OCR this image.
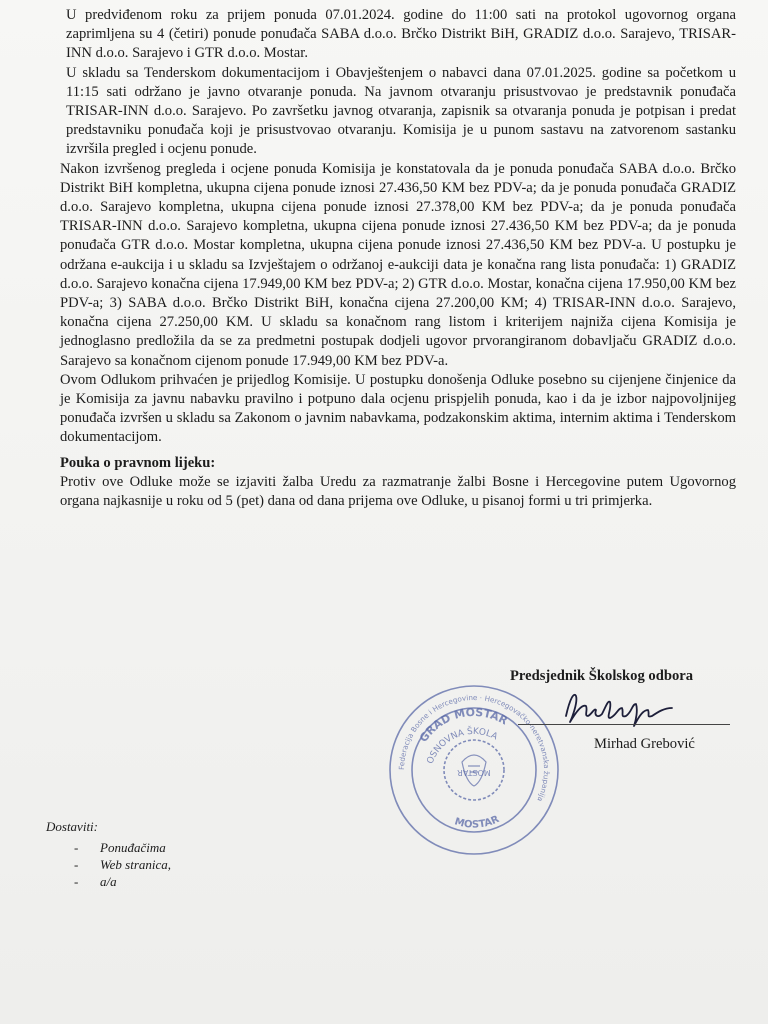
U predviđenom roku za prijem ponuda 07.01.2024. godine do 11:00 sati na protokol ugovornog organa zaprimljena su 4 (četiri) ponude ponuđača SABA d.o.o. Brčko Distrikt BiH, GRADIZ d.o.o. Sarajevo, TRISAR-INN d.o.o. Sarajevo i GTR d.o.o. Mostar.

U skladu sa Tenderskom dokumentacijom i Obavještenjem o nabavci dana 07.01.2025. godine sa početkom u 11:15 sati održano je javno otvaranje ponuda. Na javnom otvaranju prisustvovao je predstavnik ponuđača TRISAR-INN d.o.o. Sarajevo. Po završetku javnog otvaranja, zapisnik sa otvaranja ponuda je potpisan i predat predstavniku ponuđača koji je prisustvovao otvaranju. Komisija je u punom sastavu na zatvorenom sastanku izvršila pregled i ocjenu ponude.

Nakon izvršenog pregleda i ocjene ponuda Komisija je konstatovala da je ponuda ponuđača SABA d.o.o. Brčko Distrikt BiH kompletna, ukupna cijena ponude iznosi 27.436,50 KM bez PDV-a; da je ponuda ponuđača GRADIZ d.o.o. Sarajevo kompletna, ukupna cijena ponude iznosi 27.378,00 KM bez PDV-a; da je ponuda ponuđača TRISAR-INN d.o.o. Sarajevo kompletna, ukupna cijena ponude iznosi 27.436,50 KM bez PDV-a; da je ponuda ponuđača GTR d.o.o. Mostar kompletna, ukupna cijena ponude iznosi 27.436,50 KM bez PDV-a. U postupku je održana e-aukcija i u skladu sa Izvještajem o održanoj e-aukciji data je konačna rang lista ponuđača: 1) GRADIZ d.o.o. Sarajevo konačna cijena 17.949,00 KM bez PDV-a; 2) GTR d.o.o. Mostar, konačna cijena 17.950,00 KM bez PDV-a; 3) SABA d.o.o. Brčko Distrikt BiH, konačna cijena 27.200,00 KM; 4) TRISAR-INN d.o.o. Sarajevo, konačna cijena 27.250,00 KM. U skladu sa konačnom rang listom i kriterijem najniža cijena Komisija je jednoglasno predložila da se za predmetni postupak dodjeli ugovor prvorangiranom dobavljaču GRADIZ d.o.o. Sarajevo sa konačnom cijenom ponude 17.949,00 KM bez PDV-a.

Ovom Odlukom prihvaćen je prijedlog Komisije. U postupku donošenja Odluke posebno su cijenjene činjenice da je Komisija za javnu nabavku pravilno i potpuno dala ocjenu prispjelih ponuda, kao i da je izbor najpovoljnijeg ponuđača izvršen u skladu sa Zakonom o javnim nabavkama, podzakonskim aktima, internim aktima i Tenderskom dokumentacijom.

Pouka o pravnom lijeku:

Protiv ove Odluke može se izjaviti žalba Uredu za razmatranje žalbi Bosne i Hercegovine putem Ugovornog organa najkasnije u roku od 5 (pet) dana od dana prijema ove Odluke, u pisanoj formi u tri primjerka.

Federacija Bosne i Hercegovine · Hercegovačko-neretvanska županija
GRAD MOSTAR
OSNOVNA ŠKOLA
MOSTAR
MOSTAR
Predsjednik Školskog odbora
Mirhad Grebović
Dostaviti:
- Ponuđačima
- Web stranica,
- a/a
